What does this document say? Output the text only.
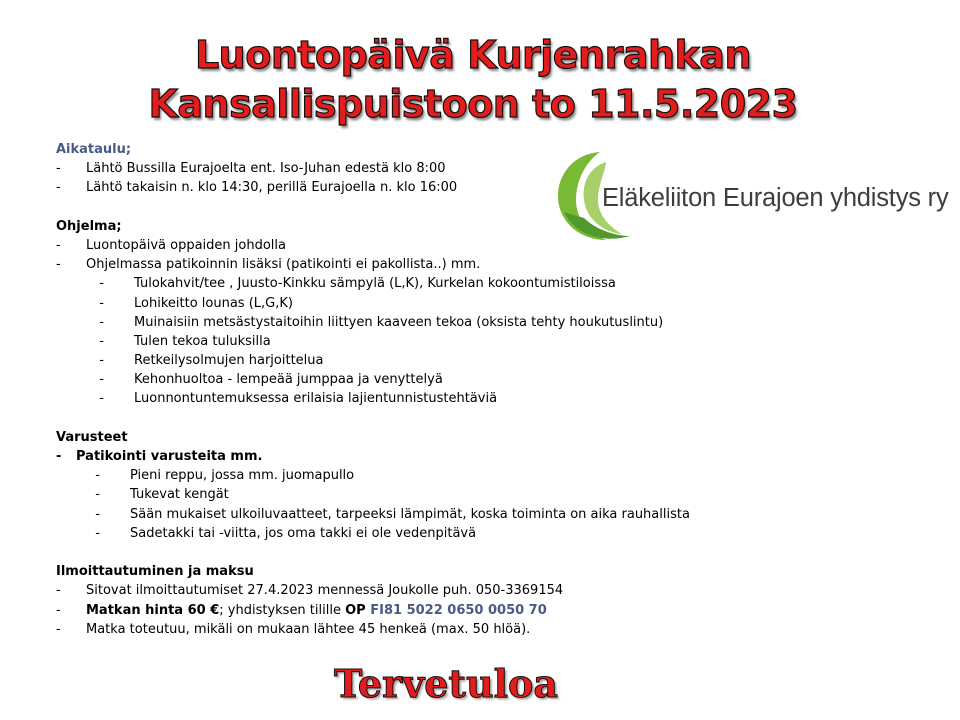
Luontopäivä Kurjenrahkan
Kansallispuistoon to 11.5.2023
Eläkeliiton Eurajoen yhdistys ry
Aikataulu;
- Lähtö Bussilla Eurajoelta ent. Iso-Juhan edestä klo 8:00
- Lähtö takaisin n. klo 14:30, perillä Eurajoella n. klo 16:00
Ohjelma;
- Luontopäivä oppaiden johdolla
- Ohjelmassa patikoinnin lisäksi (patikointi ei pakollista..) mm.
- Tulokahvit/tee , Juusto-Kinkku sämpylä (L,K), Kurkelan kokoontumistiloissa
- Lohikeitto lounas (L,G,K)
- Muinaisiin metsästystaitoihin liittyen kaaveen tekoa (oksista tehty houkutuslintu)
- Tulen tekoa tuluksilla
- Retkeilysolmujen harjoittelua
- Kehonhuoltoa - lempeää jumppaa ja venyttelyä
- Luonnontuntemuksessa erilaisia lajientunnistustehtäviä
Varusteet
- Patikointi varusteita mm.
- Pieni reppu, jossa mm. juomapullo
- Tukevat kengät
- Sään mukaiset ulkoiluvaatteet, tarpeeksi lämpimät, koska toiminta on aika rauhallista
- Sadetakki tai -viitta, jos oma takki ei ole vedenpitävä
Ilmoittautuminen ja maksu
- Sitovat ilmoittautumiset 27.4.2023 mennessä Joukolle puh. 050-3369154
- Matkan hinta 60 €; yhdistyksen tilille OP FI81 5022 0650 0050 70
- Matka toteutuu, mikäli on mukaan lähtee 45 henkeä (max. 50 hlöä).
Tervetuloa
